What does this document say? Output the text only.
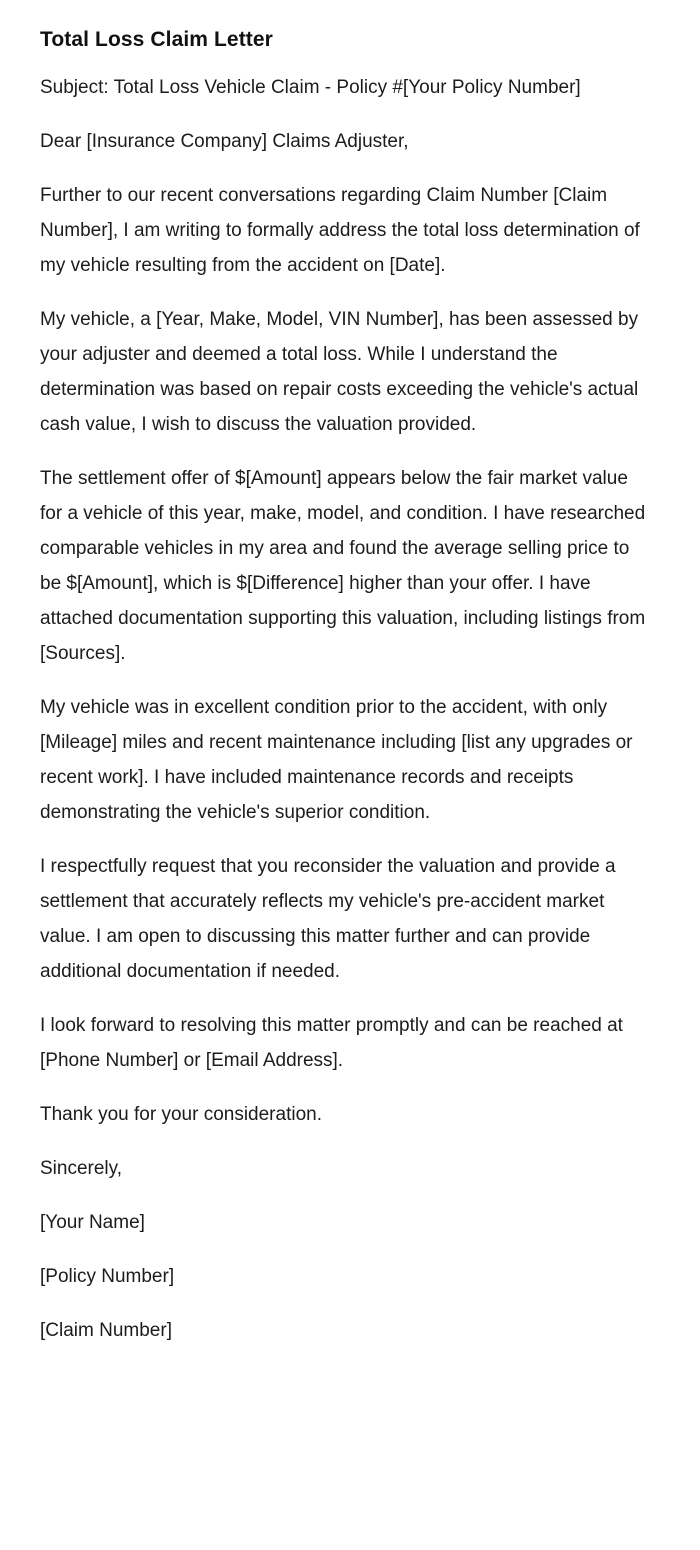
Total Loss Claim Letter

Subject: Total Loss Vehicle Claim - Policy #[Your Policy Number]

Dear [Insurance Company] Claims Adjuster,

Further to our recent conversations regarding Claim Number [Claim Number], I am writing to formally address the total loss determination of my vehicle resulting from the accident on [Date].

My vehicle, a [Year, Make, Model, VIN Number], has been assessed by your adjuster and deemed a total loss. While I understand the determination was based on repair costs exceeding the vehicle's actual cash value, I wish to discuss the valuation provided.

The settlement offer of $[Amount] appears below the fair market value for a vehicle of this year, make, model, and condition. I have researched comparable vehicles in my area and found the average selling price to be $[Amount], which is $[Difference] higher than your offer. I have attached documentation supporting this valuation, including listings from [Sources].

My vehicle was in excellent condition prior to the accident, with only [Mileage] miles and recent maintenance including [list any upgrades or recent work]. I have included maintenance records and receipts demonstrating the vehicle's superior condition.

I respectfully request that you reconsider the valuation and provide a settlement that accurately reflects my vehicle's pre-accident market value. I am open to discussing this matter further and can provide additional documentation if needed.

I look forward to resolving this matter promptly and can be reached at [Phone Number] or [Email Address].

Thank you for your consideration.

Sincerely,

[Your Name]

[Policy Number]

[Claim Number]
